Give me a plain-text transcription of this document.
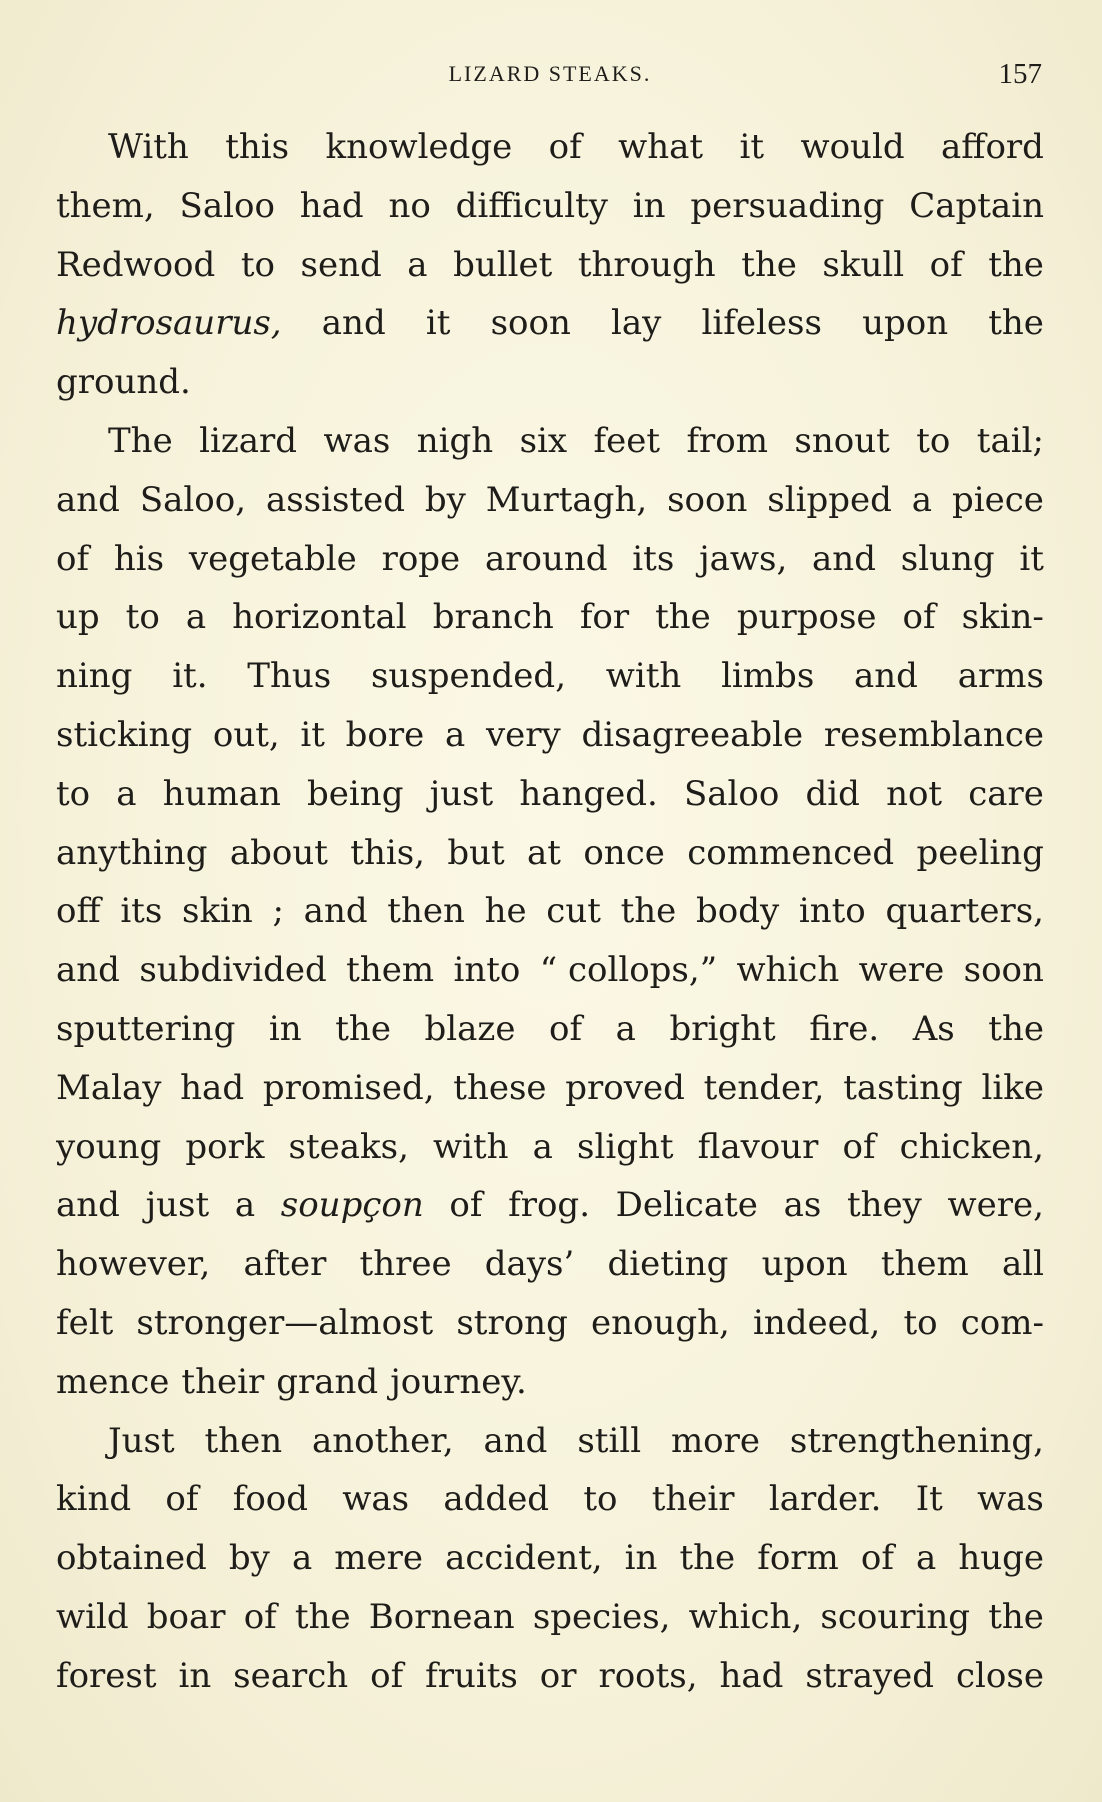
LIZARD STEAKS.	157
With this knowledge of what it would afford
them, Saloo had no difficulty in persuading Captain
Redwood to send a bullet through the skull of the
hydrosaurus, and it soon lay lifeless upon the
ground.
The lizard was nigh six feet from snout to tail;
and Saloo, assisted by Murtagh, soon slipped a piece
of his vegetable rope around its jaws, and slung it
up to a horizontal branch for the purpose of skin-
ning it. Thus suspended, with limbs and arms
sticking out, it bore a very disagreeable resemblance
to a human being just hanged. Saloo did not care
anything about this, but at once commenced peeling
off its skin ; and then he cut the body into quarters,
and subdivided them into “ collops,” which were soon
sputtering in the blaze of a bright fire. As the
Malay had promised, these proved tender, tasting like
young pork steaks, with a slight flavour of chicken,
and just a soupçon of frog. Delicate as they were,
however, after three days’ dieting upon them all
felt stronger—almost strong enough, indeed, to com-
mence their grand journey.
Just then another, and still more strengthening,
kind of food was added to their larder. It was
obtained by a mere accident, in the form of a huge
wild boar of the Bornean species, which, scouring the
forest in search of fruits or roots, had strayed close
